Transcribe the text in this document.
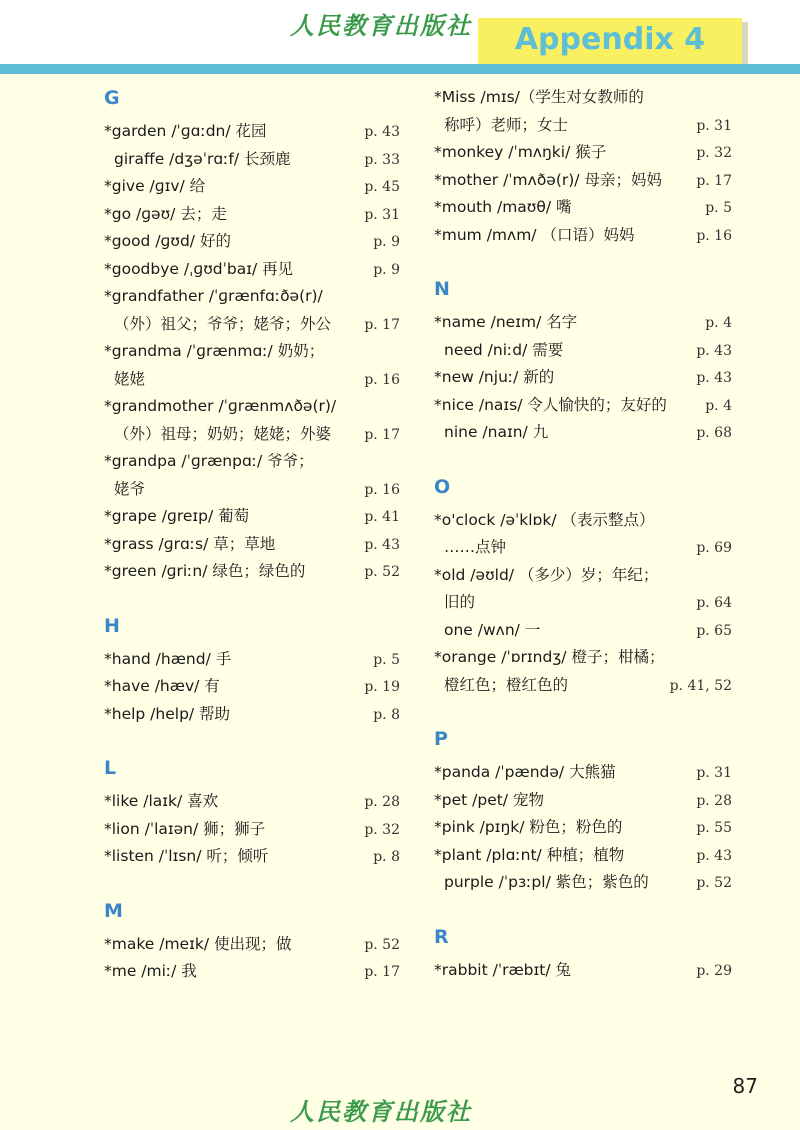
人民教育出版社	Appendix 4
G
*garden /ˈɡɑːdn/ 花园	p. 43
giraffe /dʒəˈrɑːf/ 长颈鹿	p. 33
*give /ɡɪv/ 给	p. 45
*go /ɡəʊ/ 去；走	p. 31
*good /ɡʊd/ 好的	p. 9
*goodbye /ˌɡʊdˈbaɪ/ 再见	p. 9
*grandfather /ˈɡrænfɑːðə(r)/
（外）祖父；爷爷；姥爷；外公	p. 17
*grandma /ˈɡrænmɑː/ 奶奶；
姥姥	p. 16
*grandmother /ˈɡrænmʌðə(r)/
（外）祖母；奶奶；姥姥；外婆	p. 17
*grandpa /ˈɡrænpɑː/ 爷爷；
姥爷	p. 16
*grape /ɡreɪp/ 葡萄	p. 41
*grass /ɡrɑːs/ 草；草地	p. 43
*green /ɡriːn/ 绿色；绿色的	p. 52
H
*hand /hænd/ 手	p. 5
*have /hæv/ 有	p. 19
*help /help/ 帮助	p. 8
L
*like /laɪk/ 喜欢	p. 28
*lion /ˈlaɪən/ 狮；狮子	p. 32
*listen /ˈlɪsn/ 听；倾听	p. 8
M
*make /meɪk/ 使出现；做	p. 52
*me /miː/ 我	p. 17
*Miss /mɪs/（学生对女教师的
称呼）老师；女士	p. 31
*monkey /ˈmʌŋki/ 猴子	p. 32
*mother /ˈmʌðə(r)/ 母亲；妈妈	p. 17
*mouth /maʊθ/ 嘴	p. 5
*mum /mʌm/ （口语）妈妈	p. 16
N
*name /neɪm/ 名字	p. 4
need /niːd/ 需要	p. 43
*new /njuː/ 新的	p. 43
*nice /naɪs/ 令人愉快的；友好的	p. 4
nine /naɪn/ 九	p. 68
O
*o'clock /əˈklɒk/ （表示整点）
……点钟	p. 69
*old /əʊld/ （多少）岁；年纪；
旧的	p. 64
one /wʌn/ 一	p. 65
*orange /ˈɒrɪndʒ/ 橙子；柑橘；
橙红色；橙红色的	p. 41, 52
P
*panda /ˈpændə/ 大熊猫	p. 31
*pet /pet/ 宠物	p. 28
*pink /pɪŋk/ 粉色；粉色的	p. 55
*plant /plɑːnt/ 种植；植物	p. 43
purple /ˈpɜːpl/ 紫色；紫色的	p. 52
R
*rabbit /ˈræbɪt/ 兔	p. 29
87
人民教育出版社
